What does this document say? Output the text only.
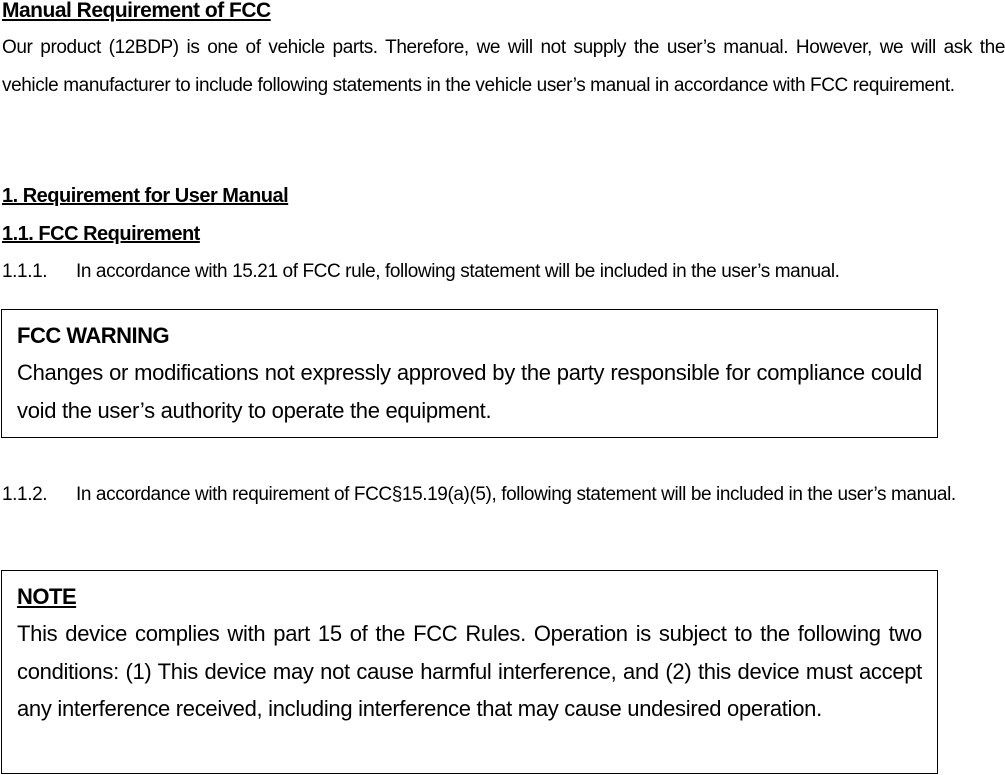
Manual Requirement of FCC

Our product (12BDP) is one of vehicle parts. Therefore, we will not supply the user’s manual. However, we will ask the vehicle manufacturer to include following statements in the vehicle user’s manual in accordance with FCC requirement.

1. Requirement for User Manual
1.1. FCC Requirement
1.1.1. In accordance with 15.21 of FCC rule, following statement will be included in the user’s manual.

FCC WARNING

Changes or modifications not expressly approved by the party responsible for compliance could void the user’s authority to operate the equipment.

1.1.2. In accordance with requirement of FCC§15.19(a)(5), following statement will be included in the user’s manual.

NOTE

This device complies with part 15 of the FCC Rules. Operation is subject to the following two conditions: (1) This device may not cause harmful interference, and (2) this device must accept any interference received, including interference that may cause undesired operation.
